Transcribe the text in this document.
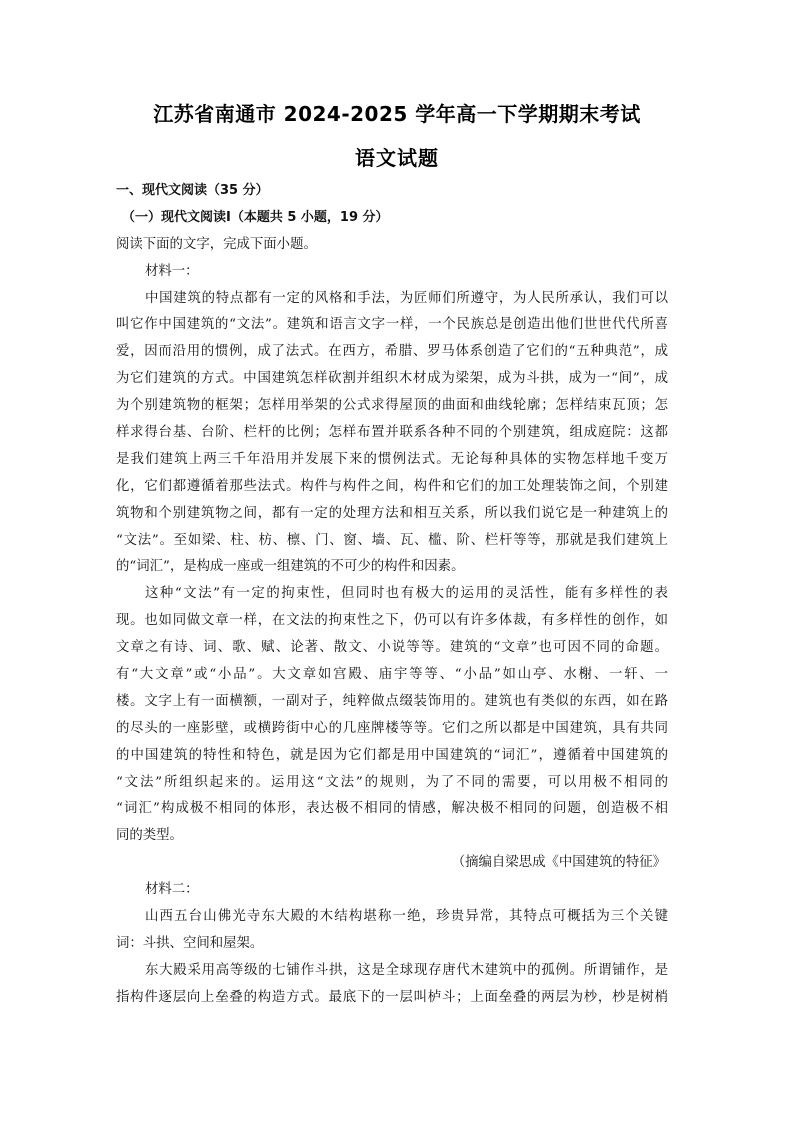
江苏省南通市 2024-2025 学年高一下学期期末考试
语文试题
一、现代文阅读（35 分）
（一）现代文阅读Ⅰ（本题共 5 小题，19 分）
阅读下面的文字，完成下面小题。
材料一：
中国建筑的特点都有一定的风格和手法，为匠师们所遵守，为人民所承认，我们可以
叫它作中国建筑的“文法”。建筑和语言文字一样，一个民族总是创造出他们世世代代所喜
爱，因而沿用的惯例，成了法式。在西方，希腊、罗马体系创造了它们的“五种典范”，成
为它们建筑的方式。中国建筑怎样砍割并组织木材成为梁架，成为斗拱，成为一“间”，成
为个别建筑物的框架；怎样用举架的公式求得屋顶的曲面和曲线轮廓；怎样结束瓦顶；怎
样求得台基、台阶、栏杆的比例；怎样布置并联系各种不同的个别建筑，组成庭院：这都
是我们建筑上两三千年沿用并发展下来的惯例法式。无论每种具体的实物怎样地千变万
化，它们都遵循着那些法式。构件与构件之间，构件和它们的加工处理装饰之间，个别建
筑物和个别建筑物之间，都有一定的处理方法和相互关系，所以我们说它是一种建筑上的
“文法”。至如梁、柱、枋、檩、门、窗、墙、瓦、槛、阶、栏杆等等，那就是我们建筑上
的“词汇”，是构成一座或一组建筑的不可少的构件和因素。
这种“文法”有一定的拘束性，但同时也有极大的运用的灵活性，能有多样性的表
现。也如同做文章一样，在文法的拘束性之下，仍可以有许多体裁，有多样性的创作，如
文章之有诗、词、歌、赋、论著、散文、小说等等。建筑的“文章”也可因不同的命题。
有“大文章”或“小品”。大文章如宫殿、庙宇等等、“小品”如山亭、水榭、一轩、一
楼。文字上有一面横额，一副对子，纯粹做点缀装饰用的。建筑也有类似的东西，如在路
的尽头的一座影壁，或横跨街中心的几座牌楼等等。它们之所以都是中国建筑，具有共同
的中国建筑的特性和特色，就是因为它们都是用中国建筑的“词汇”，遵循着中国建筑的
“文法”所组织起来的。运用这“文法”的规则，为了不同的需要，可以用极不相同的
“词汇”构成极不相同的体形，表达极不相同的情感，解决极不相同的问题，创造极不相
同的类型。
（摘编自梁思成《中国建筑的特征》
材料二：
山西五台山佛光寺东大殿的木结构堪称一绝，珍贵异常，其特点可概括为三个关键
词：斗拱、空间和屋架。
东大殿采用高等级的七铺作斗拱，这是全球现存唐代木建筑中的孤例。所谓铺作，是
指构件逐层向上垒叠的构造方式。最底下的一层叫栌斗；上面垒叠的两层为杪，杪是树梢
